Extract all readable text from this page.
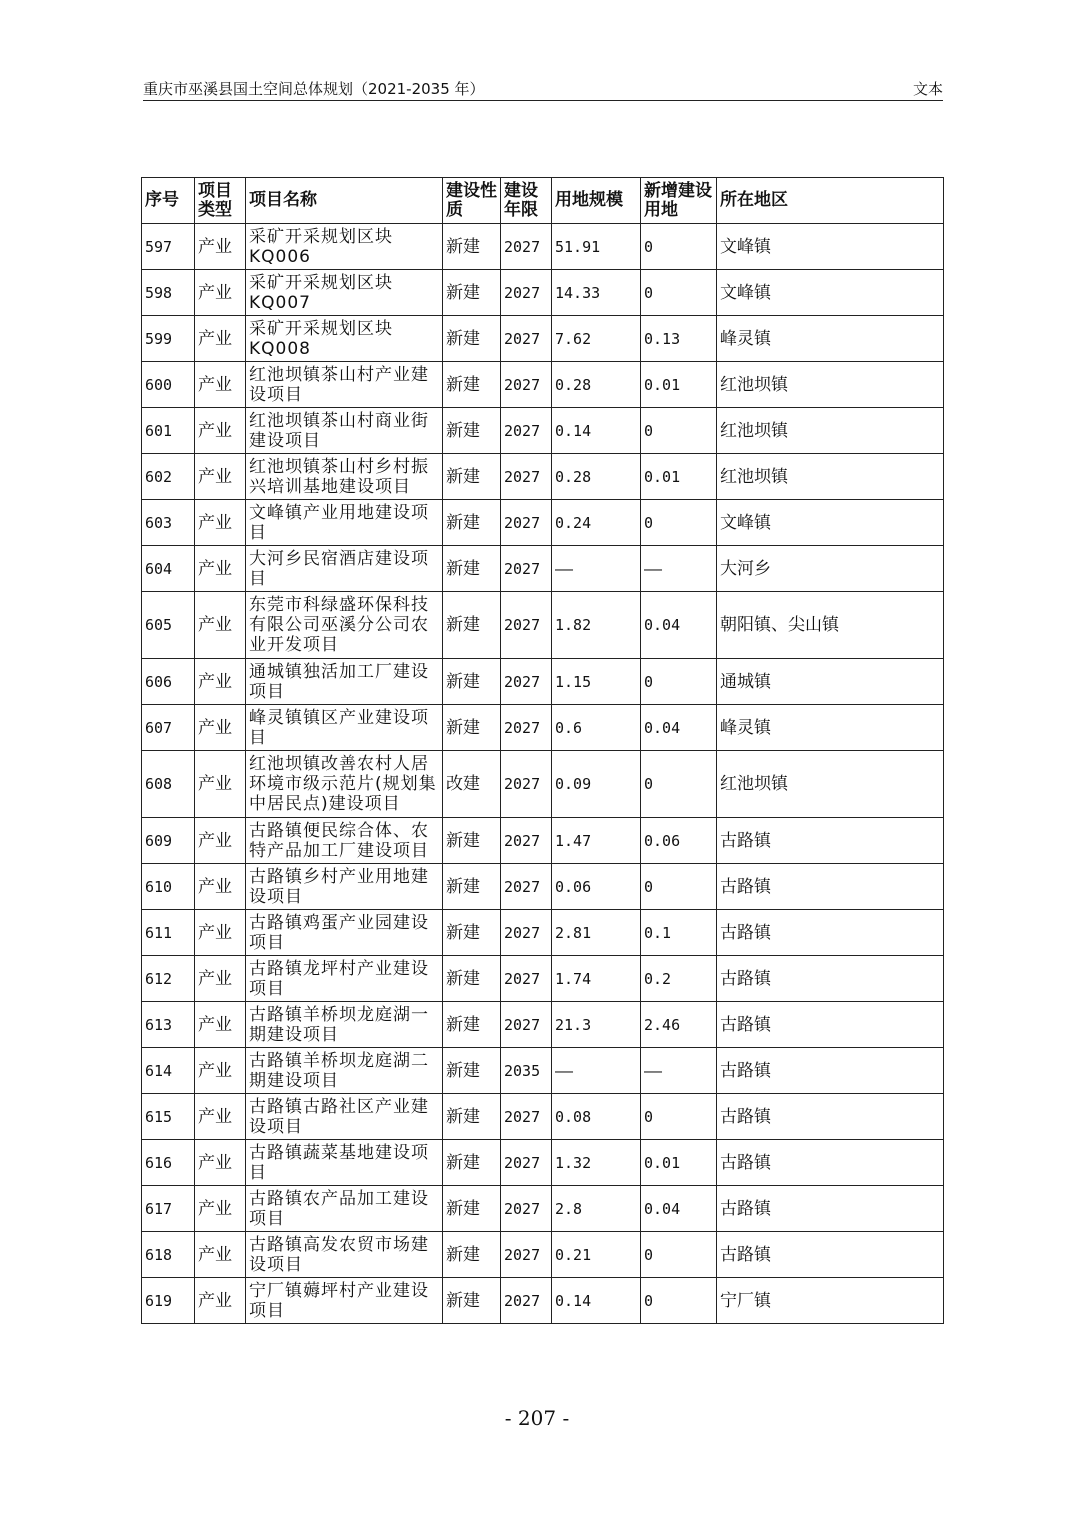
重庆市巫溪县国土空间总体规划（2021-2035 年）	文本
序号	项目类型	项目名称	建设性质	建设年限	用地规模	新增建设用地	所在地区
597	产业	采矿开采规划区块KQ006	新建	2027	51.91	0	文峰镇
598	产业	采矿开采规划区块KQ007	新建	2027	14.33	0	文峰镇
599	产业	采矿开采规划区块KQ008	新建	2027	7.62	0.13	峰灵镇
600	产业	红池坝镇茶山村产业建设项目	新建	2027	0.28	0.01	红池坝镇
601	产业	红池坝镇茶山村商业街建设项目	新建	2027	0.14	0	红池坝镇
602	产业	红池坝镇茶山村乡村振兴培训基地建设项目	新建	2027	0.28	0.01	红池坝镇
603	产业	文峰镇产业用地建设项目	新建	2027	0.24	0	文峰镇
604	产业	大河乡民宿酒店建设项目	新建	2027	——	——	大河乡
605	产业	东莞市科绿盛环保科技有限公司巫溪分公司农业开发项目	新建	2027	1.82	0.04	朝阳镇、尖山镇
606	产业	通城镇独活加工厂建设项目	新建	2027	1.15	0	通城镇
607	产业	峰灵镇镇区产业建设项目	新建	2027	0.6	0.04	峰灵镇
608	产业	红池坝镇改善农村人居环境市级示范片(规划集中居民点)建设项目	改建	2027	0.09	0	红池坝镇
609	产业	古路镇便民综合体、农特产品加工厂建设项目	新建	2027	1.47	0.06	古路镇
610	产业	古路镇乡村产业用地建设项目	新建	2027	0.06	0	古路镇
611	产业	古路镇鸡蛋产业园建设项目	新建	2027	2.81	0.1	古路镇
612	产业	古路镇龙坪村产业建设项目	新建	2027	1.74	0.2	古路镇
613	产业	古路镇羊桥坝龙庭湖一期建设项目	新建	2027	21.3	2.46	古路镇
614	产业	古路镇羊桥坝龙庭湖二期建设项目	新建	2035	——	——	古路镇
615	产业	古路镇古路社区产业建设项目	新建	2027	0.08	0	古路镇
616	产业	古路镇蔬菜基地建设项目	新建	2027	1.32	0.01	古路镇
617	产业	古路镇农产品加工建设项目	新建	2027	2.8	0.04	古路镇
618	产业	古路镇高发农贸市场建设项目	新建	2027	0.21	0	古路镇
619	产业	宁厂镇薅坪村产业建设项目	新建	2027	0.14	0	宁厂镇
- 207 -
